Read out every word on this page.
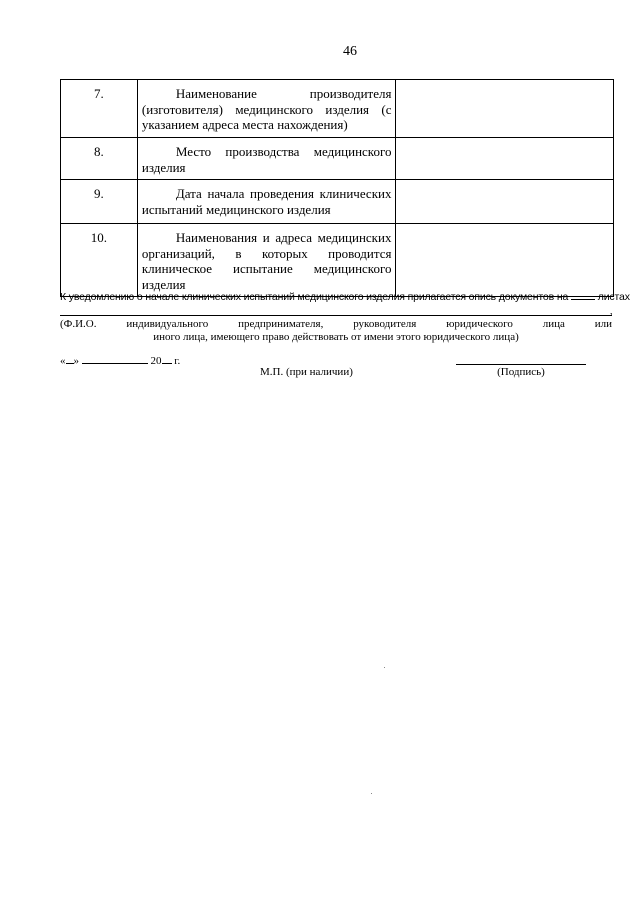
46
7.	Наименование производителя (изготовителя) медицинского изделия (с указанием адреса места нахождения)	
8.	Место производства медицинского изделия	
9.	Дата начала проведения клинических испытаний медицинского изделия	
10.	Наименования и адреса медицинских организаций, в которых проводится клиническое испытание медицинского изделия	
К уведомлению о начале клинических испытаний медицинского изделия прилагается опись документов на	листах
,
(Ф.И.О.	индивидуального	предпринимателя,	руководителя	юридического	лица	или
иного лица, имеющего право действовать от имени этого юридического лица)
« »	20 г.
М.П. (при наличии)	(Подпись)
